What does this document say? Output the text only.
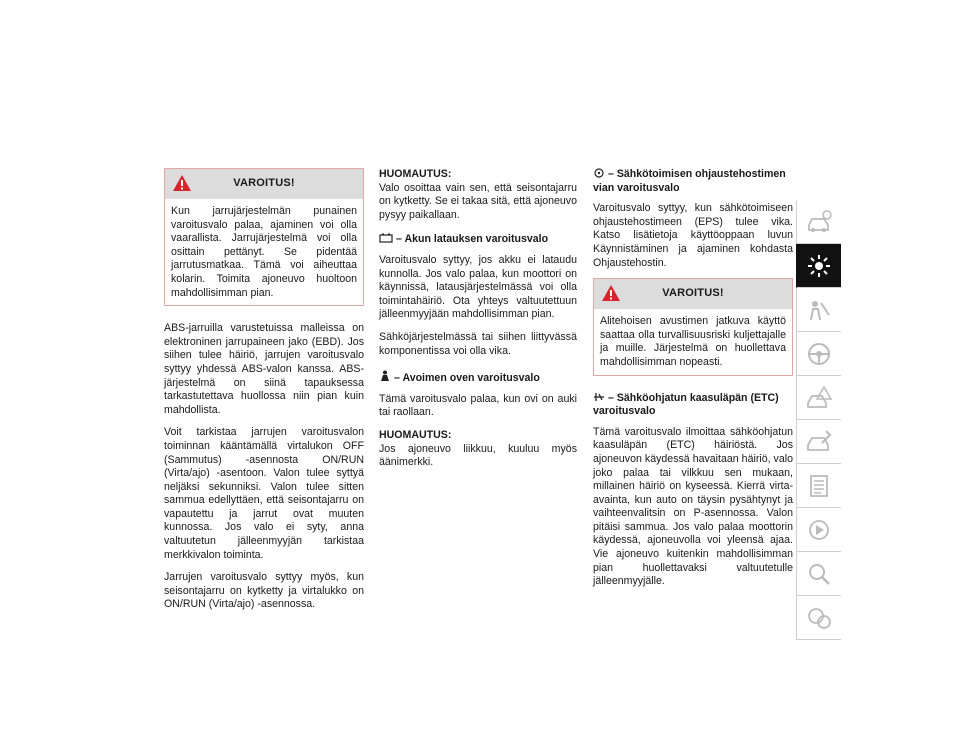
VAROITUS!
Kun jarrujärjestelmän punainen varoitusvalo palaa, ajaminen voi olla vaarallista. Jarrujärjestelmä voi olla osittain pettänyt. Se pidentää jarrutusmatkaa. Tämä voi aiheuttaa kolarin. Toimita ajoneuvo huoltoon mahdollisimman pian.

ABS-jarruilla varustetuissa malleissa on elektroninen jarrupaineen jako (EBD). Jos siihen tulee häiriö, jarrujen varoitusvalo syttyy yhdessä ABS-valon kanssa. ABS-järjestelmä on siinä tapauksessa tarkastutettava huollossa niin pian kuin mahdollista.

Voit tarkistaa jarrujen varoitusvalon toiminnan kääntämällä virtalukon OFF (Sammutus) -asennosta ON/RUN (Virta/ajo) -asentoon. Valon tulee syttyä neljäksi sekunniksi. Valon tulee sitten sammua edellyttäen, että seisontajarru on vapautettu ja jarrut ovat muuten kunnossa. Jos valo ei syty, anna valtuutetun jälleenmyyjän tarkistaa merkkivalon toiminta.

Jarrujen varoitusvalo syttyy myös, kun seisontajarru on kytketty ja virtalukko on ON/RUN (Virta/ajo) -asennossa.

HUOMAUTUS:
Valo osoittaa vain sen, että seisontajarru on kytketty. Se ei takaa sitä, että ajoneuvo pysyy paikallaan.

– Akun latauksen varoitusvalo

Varoitusvalo syttyy, jos akku ei lataudu kunnolla. Jos valo palaa, kun moottori on käynnissä, latausjärjestelmässä voi olla toimintahäiriö. Ota yhteys valtuutettuun jälleenmyyjään mahdollisimman pian.

Sähköjärjestelmässä tai siihen liittyvässä komponentissa voi olla vika.

– Avoimen oven varoitusvalo

Tämä varoitusvalo palaa, kun ovi on auki tai raollaan.

HUOMAUTUS:
Jos ajoneuvo liikkuu, kuuluu myös äänimerkki.

– Sähkötoimisen ohjaustehostimen vian varoitusvalo

Varoitusvalo syttyy, kun sähkötoimiseen ohjaustehostimeen (EPS) tulee vika. Katso lisätietoja käyttöoppaan luvun Käynnistäminen ja ajaminen kohdasta Ohjaustehostin.

VAROITUS!
Alitehoisen avustimen jatkuva käyttö saattaa olla turvallisuusriski kuljettajalle ja muille. Järjestelmä on huollettava mahdollisimman nopeasti.
– Sähköohjatun kaasuläpän (ETC) varoitusvalo

Tämä varoitusvalo ilmoittaa sähköohjatun kaasuläpän (ETC) häiriöstä. Jos ajoneuvon käydessä havaitaan häiriö, valo joko palaa tai vilkkuu sen mukaan, millainen häiriö on kyseessä. Kierrä virta-avainta, kun auto on täysin pysähtynyt ja vaihteenvalitsin on P-asennossa. Valon pitäisi sammua. Jos valo palaa moottorin käydessä, ajoneuvolla voi yleensä ajaa. Vie ajoneuvo kuitenkin mahdollisimman pian huollettavaksi valtuutetulle jälleenmyyjälle.
